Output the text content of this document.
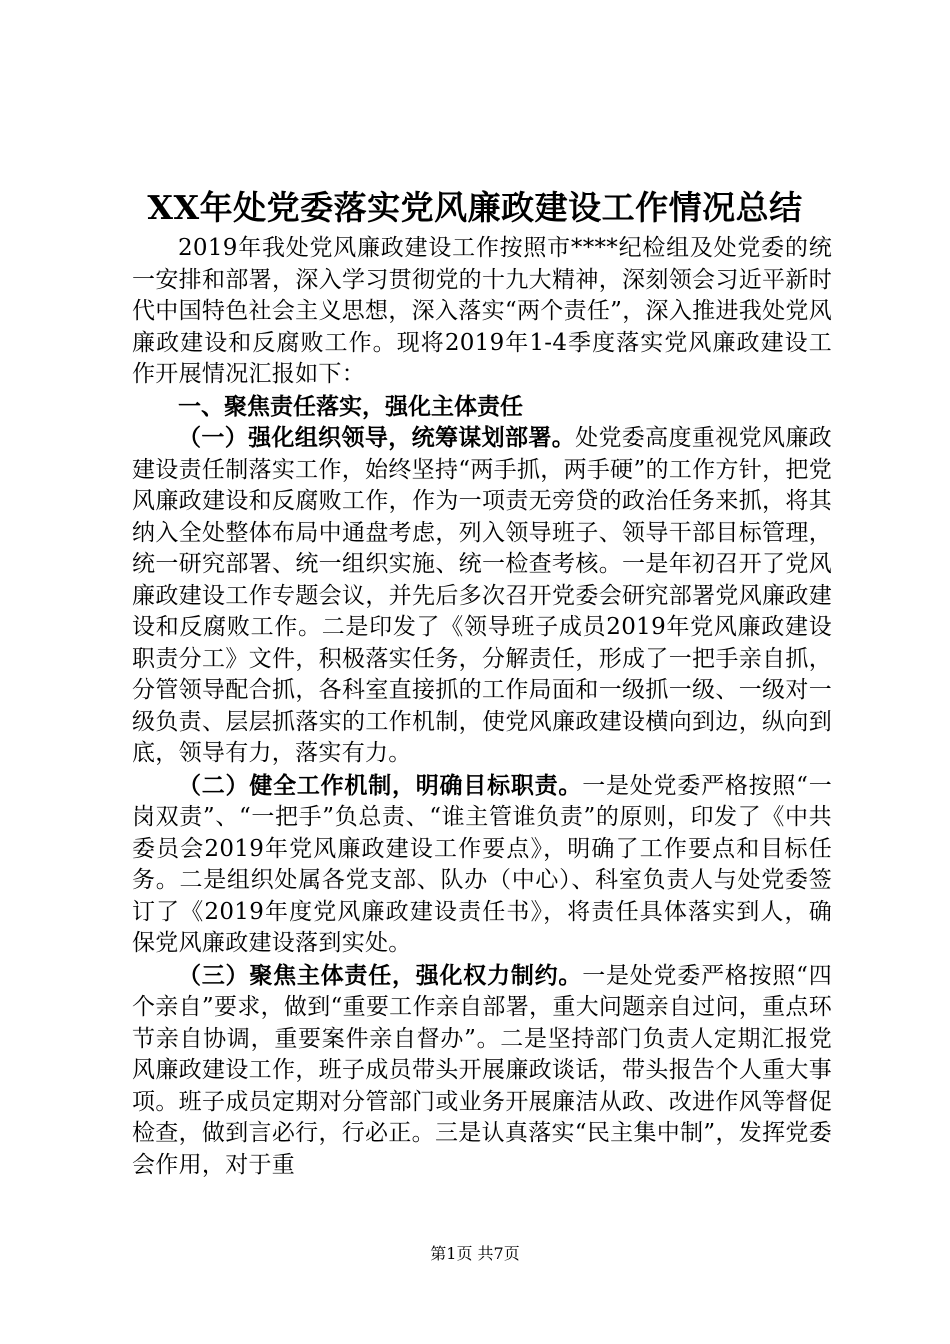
XX年处党委落实党风廉政建设工作情况总结

2019年我处党风廉政建设工作按照市****纪检组及处党委的统一安排和部署，深入学习贯彻党的十九大精神，深刻领会习近平新时代中国特色社会主义思想，深入落实“两个责任”，深入推进我处党风廉政建设和反腐败工作。现将2019年1-4季度落实党风廉政建设工作开展情况汇报如下：

一、聚焦责任落实，强化主体责任

（一）强化组织领导，统筹谋划部署。处党委高度重视党风廉政建设责任制落实工作，始终坚持“两手抓，两手硬”的工作方针，把党风廉政建设和反腐败工作，作为一项责无旁贷的政治任务来抓，将其纳入全处整体布局中通盘考虑，列入领导班子、领导干部目标管理，统一研究部署、统一组织实施、统一检查考核。一是年初召开了党风廉政建设工作专题会议，并先后多次召开党委会研究部署党风廉政建设和反腐败工作。二是印发了《领导班子成员2019年党风廉政建设职责分工》文件，积极落实任务，分解责任，形成了一把手亲自抓，分管领导配合抓，各科室直接抓的工作局面和一级抓一级、一级对一级负责、层层抓落实的工作机制，使党风廉政建设横向到边，纵向到底，领导有力，落实有力。

（二）健全工作机制，明确目标职责。一是处党委严格按照“一岗双责”、“一把手”负总责、“谁主管谁负责”的原则，印发了《中共委员会2019年党风廉政建设工作要点》，明确了工作要点和目标任务。二是组织处属各党支部、队办（中心）、科室负责人与处党委签订了《2019年度党风廉政建设责任书》，将责任具体落实到人，确保党风廉政建设落到实处。

（三）聚焦主体责任，强化权力制约。一是处党委严格按照“四个亲自”要求，做到“重要工作亲自部署，重大问题亲自过问，重点环节亲自协调，重要案件亲自督办”。二是坚持部门负责人定期汇报党风廉政建设工作，班子成员带头开展廉政谈话，带头报告个人重大事项。班子成员定期对分管部门或业务开展廉洁从政、改进作风等督促检查，做到言必行，行必正。三是认真落实“民主集中制”，发挥党委会作用，对于重

第1页 共7页
